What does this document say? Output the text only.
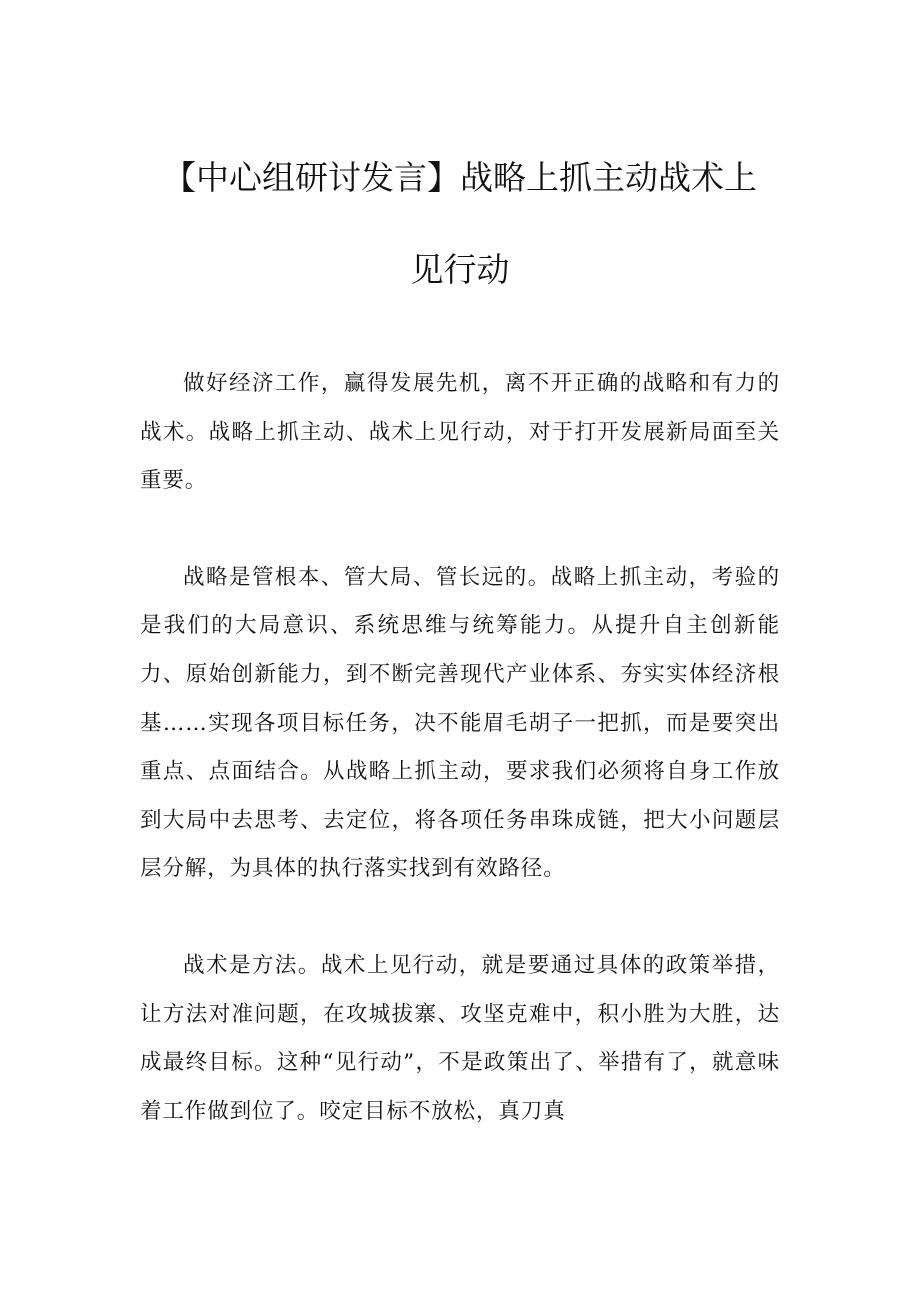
【中心组研讨发言】战略上抓主动战术上
见行动

做好经济工作，赢得发展先机，离不开正确的战略和有力的战术。战略上抓主动、战术上见行动，对于打开发展新局面至关重要。

战略是管根本、管大局、管长远的。战略上抓主动，考验的是我们的大局意识、系统思维与统筹能力。从提升自主创新能力、原始创新能力，到不断完善现代产业体系、夯实实体经济根基……实现各项目标任务，决不能眉毛胡子一把抓，而是要突出重点、点面结合。从战略上抓主动，要求我们必须将自身工作放到大局中去思考、去定位，将各项任务串珠成链，把大小问题层层分解，为具体的执行落实找到有效路径。

战术是方法。战术上见行动，就是要通过具体的政策举措，让方法对准问题，在攻城拔寨、攻坚克难中，积小胜为大胜，达成最终目标。这种“见行动”，不是政策出了、举措有了，就意味着工作做到位了。咬定目标不放松，真刀真
